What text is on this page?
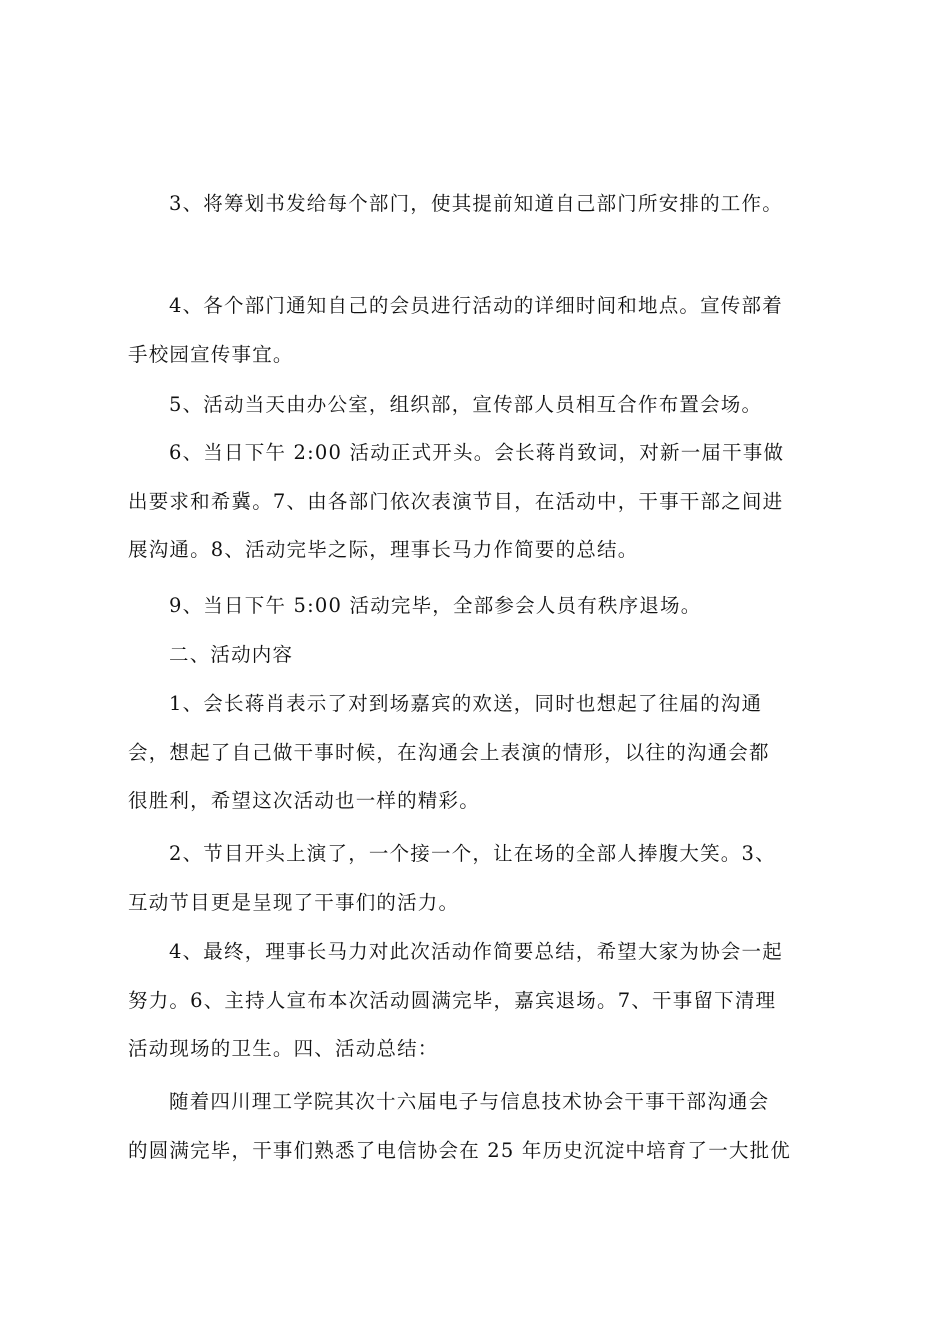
3、将筹划书发给每个部门，使其提前知道自己部门所安排的工作。

4、各个部门通知自己的会员进行活动的详细时间和地点。宣传部着
手校园宣传事宜。

5、活动当天由办公室，组织部，宣传部人员相互合作布置会场。

6、当日下午 2:00 活动正式开头。会长蒋肖致词，对新一届干事做
出要求和希冀。7、由各部门依次表演节目，在活动中，干事干部之间进
展沟通。8、活动完毕之际，理事长马力作简要的总结。

9、当日下午 5:00 活动完毕，全部参会人员有秩序退场。

二、活动内容

1、会长蒋肖表示了对到场嘉宾的欢送，同时也想起了往届的沟通
会，想起了自己做干事时候，在沟通会上表演的情形，以往的沟通会都
很胜利，希望这次活动也一样的精彩。

2、节目开头上演了，一个接一个，让在场的全部人捧腹大笑。3、
互动节目更是呈现了干事们的活力。

4、最终，理事长马力对此次活动作简要总结，希望大家为协会一起
努力。6、主持人宣布本次活动圆满完毕，嘉宾退场。7、干事留下清理
活动现场的卫生。四、活动总结：

随着四川理工学院其次十六届电子与信息技术协会干事干部沟通会
的圆满完毕，干事们熟悉了电信协会在 25 年历史沉淀中培育了一大批优
